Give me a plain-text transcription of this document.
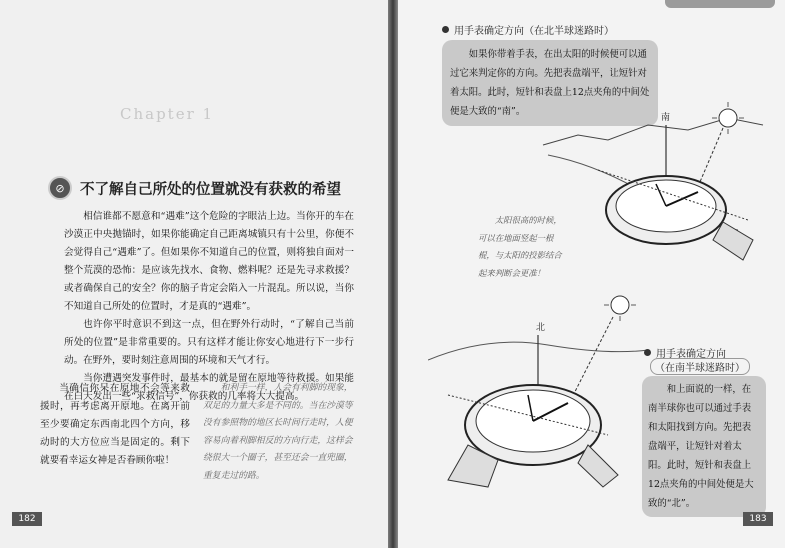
Chapter 1
⊘	不了解自己所处的位置就没有获救的希望

相信谁都不愿意和“遇难”这个危险的字眼沾上边。当你开的车在沙漠正中央抛锚时，如果你能确定自己距离城镇只有十公里，你便不会觉得自己“遇难”了。但如果你不知道自己的位置，则将独自面对一整个荒漠的恐怖：是应该先找水、食物、燃料呢？还是先寻求救援？或者确保自己的安全？你的脑子肯定会陷入一片混乱。所以说，当你不知道自己所处的位置时，才是真的“遇难”。

也许你平时意识不到这一点，但在野外行动时，“了解自己当前所处的位置”是非常重要的。只有这样才能让你安心地进行下一步行动。在野外，要时刻注意周围的环境和天气才行。

当你遭遇突发事件时，最基本的就是留在原地等待救援。如果能在白天发出一些“求救信号”，你获救的几率将大大提高。

当确信你呆在原地不会等来救援时，再考虑离开原地。在离开前至少要确定东西南北四个方向，移动时的大方位应当是固定的。剩下就要看幸运女神是否眷顾你啦！

和利手一样，人会有利脚的现象，双足的力量大多是不同的。当在沙漠等没有参照物的地区长时间行走时，人便容易向着利脚相反的方向行走，这样会绕很大一个圈子，甚至还会一直兜圈，重复走过的路。
182
用手表确定方向（在北半球迷路时）
如果你带着手表，在出太阳的时候便可以通过它来判定你的方向。先把表盘端平，让短针对着太阳。此时，短针和表盘上12点夹角的中间处便是大致的“南”。
南
太阳很高的时候，可以在地面竖起一根棍，与太阳的投影结合起来判断会更准！
北
用手表确定方向
（在南半球迷路时）
和上面说的一样，在南半球你也可以通过手表和太阳找到方向。先把表盘端平，让短针对着太阳。此时，短针和表盘上12点夹角的中间处便是大致的“北”。
183
